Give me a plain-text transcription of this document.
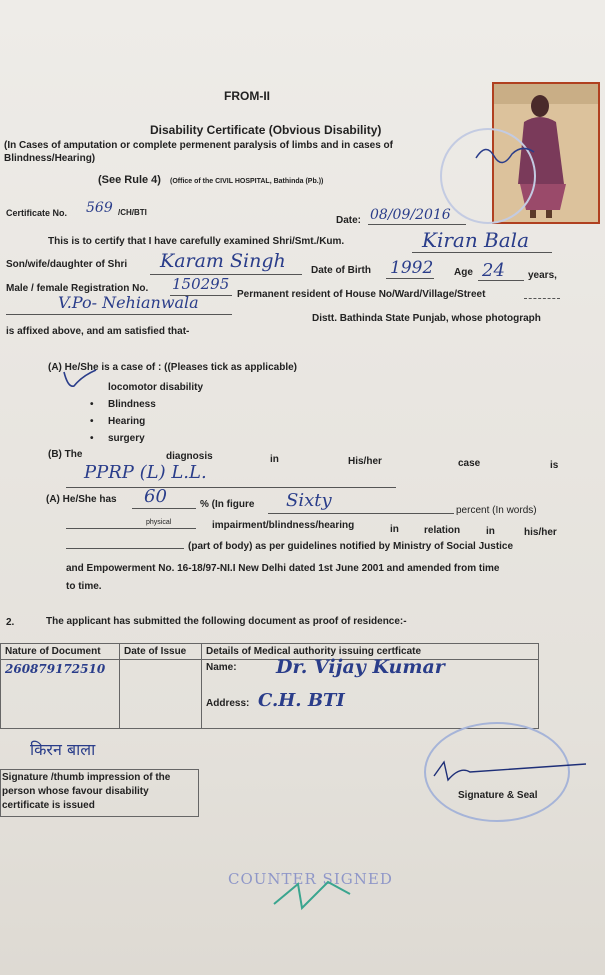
FROM-II
Disability Certificate (Obvious Disability)
(In Cases of amputation or complete permenent paralysis of limbs and in cases of
Blindness/Hearing)
(See Rule 4) (Office of the CIVIL HOSPITAL, Bathinda (Pb.))
Certificate No. 569 /CH/BTI
Date: 08/09/2016
This is to certify that I have carefully examined Shri/Smt./Kum.	Kiran Bala
Son/wife/daughter of Shri Karam Singh	Date of Birth 1992 Age 24 years,
Male / female Registration No. 150295
Permanent resident of House No/Ward/Village/Street
V.Po- Nehianwala
Distt. Bathinda State Punjab, whose photograph
is affixed above, and am satisfied that-
(A) He/She is a case of : ((Pleases tick as applicable)
locomotor disability
• Blindness
• Hearing
• surgery
(B) The	diagnosis	in	His/her	case	is
PPRP (L) L.L.
(A) He/She has 60	% (In figure Sixty	percent (In words)
physical	impairment/blindness/hearing	in	relation	in	his/her
(part of body) as per guidelines notified by Ministry of Social Justice
and Empowerment No. 16-18/97-NI.I New Delhi dated 1st June 2001 and amended from time
to time.
2.	The applicant has submitted the following document as proof of residence:-
Nature of Document	Date of Issue	Details of Medical authority issuing certficate
260879172510		Name: Dr. Vijay Kumar
Address: C.H. BTI
किरन बाला
Signature /thumb impression of the
person whose favour disability
certificate is issued
Signature & Seal
COUNTER SIGNED
